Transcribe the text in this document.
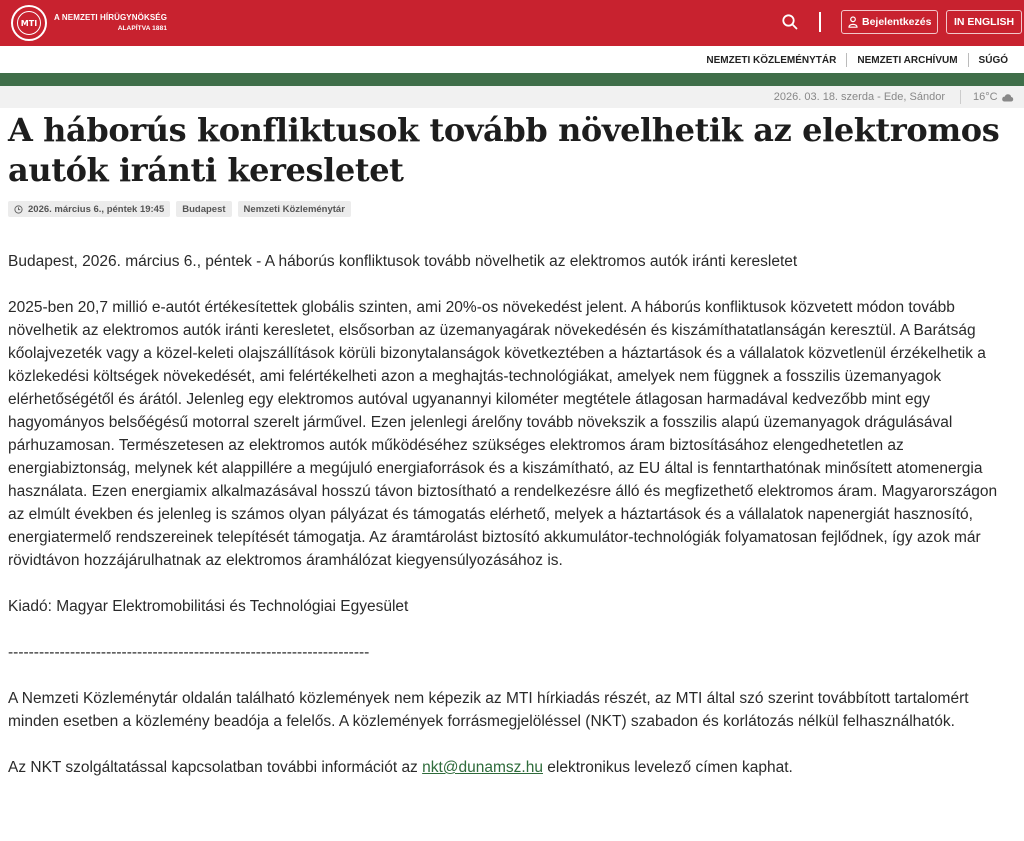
MTI
A NEMZETI HÍRÜGYNÖKSÉG
ALAPÍTVA 1881
Bejelentkezés	IN ENGLISH
NEMZETI KÖZLEMÉNYTÁR	NEMZETI ARCHÍVUM	SÚGÓ
2026. 03. 18. szerda - Ede, Sándor	16°C
A háborús konfliktusok tovább növelhetik az elektromos autók iránti keresletet
2026. március 6., péntek 19:45	Budapest	Nemzeti Közleménytár

Budapest, 2026. március 6., péntek - A háborús konfliktusok tovább növelhetik az elektromos autók iránti keresletet

2025-ben 20,7 millió e-autót értékesítettek globális szinten, ami 20%-os növekedést jelent. A háborús konfliktusok közvetett módon tovább növelhetik az elektromos autók iránti keresletet, elsősorban az üzemanyagárak növekedésén és kiszámíthatatlanságán keresztül. A Barátság kőolajvezeték vagy a közel-keleti olajszállítások körüli bizonytalanságok következtében a háztartások és a vállalatok közvetlenül érzékelhetik a közlekedési költségek növekedését, ami felértékelheti azon a meghajtás-technológiákat, amelyek nem függnek a fosszilis üzemanyagok elérhetőségétől és árától. Jelenleg egy elektromos autóval ugyanannyi kilométer megtétele átlagosan harmadával kedvezőbb mint egy hagyományos belsőégésű motorral szerelt járművel. Ezen jelenlegi árelőny tovább növekszik a fosszilis alapú üzemanyagok drágulásával párhuzamosan. Természetesen az elektromos autók működéséhez szükséges elektromos áram biztosításához elengedhetetlen az energiabiztonság, melynek két alappillére a megújuló energiaforrások és a kiszámítható, az EU által is fenntarthatónak minősített atomenergia használata. Ezen energiamix alkalmazásával hosszú távon biztosítható a rendelkezésre álló és megfizethető elektromos áram. Magyarországon az elmúlt években és jelenleg is számos olyan pályázat és támogatás elérhető, melyek a háztartások és a vállalatok napenergiát hasznosító, energiatermelő rendszereinek telepítését támogatja. Az áramtárolást biztosító akkumulátor-technológiák folyamatosan fejlődnek, így azok már rövidtávon hozzájárulhatnak az elektromos áramhálózat kiegyensúlyozásához is.

Kiadó: Magyar Elektromobilitási és Technológiai Egyesület

----------------------------------------------------------------------

A Nemzeti Közleménytár oldalán található közlemények nem képezik az MTI hírkiadás részét, az MTI által szó szerint továbbított tartalomért minden esetben a közlemény beadója a felelős. A közlemények forrásmegjelöléssel (NKT) szabadon és korlátozás nélkül felhasználhatók.

Az NKT szolgáltatással kapcsolatban további információt az nkt@dunamsz.hu elektronikus levelező címen kaphat.
